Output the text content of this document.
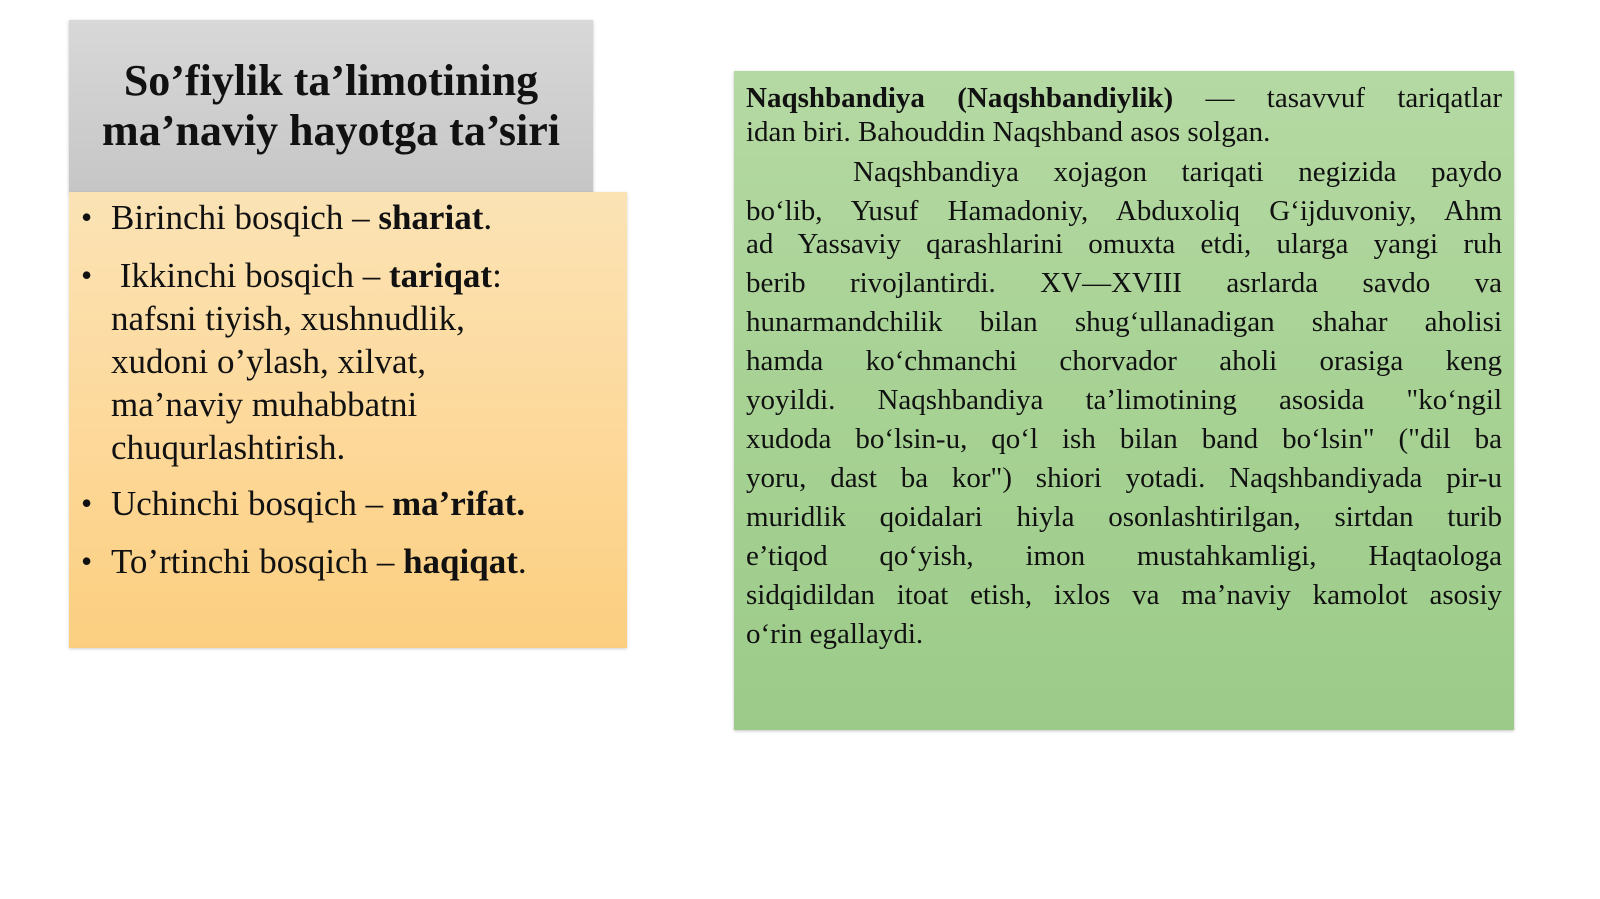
So’fiylik ta’limotining
ma’naviy hayotga ta’siri
• Birinchi bosqich – shariat.
• Ikkinchi bosqich – tariqat:
nafsni tiyish, xushnudlik,
xudoni o’ylash, xilvat,
ma’naviy muhabbatni
chuqurlashtirish.
• Uchinchi bosqich – ma’rifat.
• To’rtinchi bosqich – haqiqat.
Naqshbandiya (Naqshbandiylik) — tasavvuf tariqatlar
idan biri. Bahouddin Naqshband asos solgan.
Naqshbandiya xojagon tariqati negizida paydo
boʻlib, Yusuf Hamadoniy, Abduxoliq Gʻijduvoniy, Ahm
ad Yassaviy qarashlarini omuxta etdi, ularga yangi ruh
berib rivojlantirdi. XV—XVIII asrlarda savdo va
hunarmandchilik bilan shugʻullanadigan shahar aholisi
hamda koʻchmanchi chorvador aholi orasiga keng
yoyildi. Naqshbandiya ta’limotining asosida "koʻngil
xudoda boʻlsin-u, qoʻl ish bilan band boʻlsin" ("dil ba
yoru, dast ba kor") shiori yotadi. Naqshbandiyada pir-u
muridlik qoidalari hiyla osonlashtirilgan, sirtdan turib
e’tiqod qoʻyish, imon mustahkamligi, Haqtaologa
sidqidildan itoat etish, ixlos va ma’naviy kamolot asosiy
oʻrin egallaydi.
